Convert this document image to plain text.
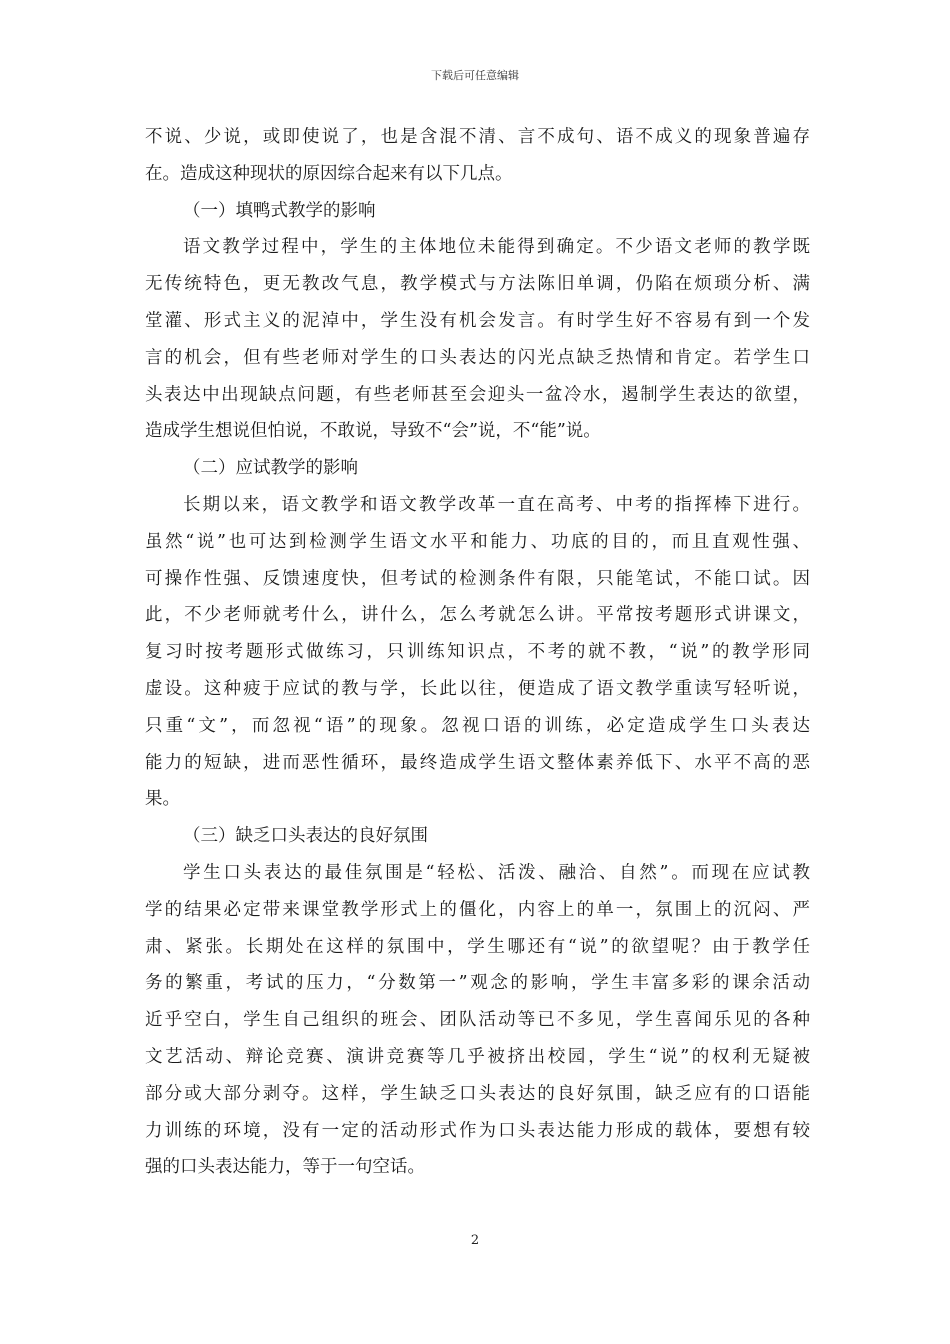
下载后可任意编辑
不说、少说，或即使说了，也是含混不清、言不成句、语不成义的现象普遍存
在。造成这种现状的原因综合起来有以下几点。
（一）填鸭式教学的影响
语文教学过程中，学生的主体地位未能得到确定。不少语文老师的教学既
无传统特色，更无教改气息，教学模式与方法陈旧单调，仍陷在烦琐分析、满
堂灌、形式主义的泥淖中，学生没有机会发言。有时学生好不容易有到一个发
言的机会，但有些老师对学生的口头表达的闪光点缺乏热情和肯定。若学生口
头表达中出现缺点问题，有些老师甚至会迎头一盆冷水，遏制学生表达的欲望，
造成学生想说但怕说，不敢说，导致不“会”说，不“能”说。
（二）应试教学的影响
长期以来，语文教学和语文教学改革一直在高考、中考的指挥棒下进行。
虽然“说”也可达到检测学生语文水平和能力、功底的目的，而且直观性强、
可操作性强、反馈速度快，但考试的检测条件有限，只能笔试，不能口试。因
此，不少老师就考什么，讲什么，怎么考就怎么讲。平常按考题形式讲课文，
复习时按考题形式做练习，只训练知识点，不考的就不教，“说”的教学形同
虚设。这种疲于应试的教与学，长此以往，便造成了语文教学重读写轻听说，
只重“文”，而忽视“语”的现象。忽视口语的训练，必定造成学生口头表达
能力的短缺，进而恶性循环，最终造成学生语文整体素养低下、水平不高的恶
果。
（三）缺乏口头表达的良好氛围
学生口头表达的最佳氛围是“轻松、活泼、融洽、自然”。而现在应试教
学的结果必定带来课堂教学形式上的僵化，内容上的单一，氛围上的沉闷、严
肃、紧张。长期处在这样的氛围中，学生哪还有“说”的欲望呢？由于教学任
务的繁重，考试的压力，“分数第一”观念的影响，学生丰富多彩的课余活动
近乎空白，学生自己组织的班会、团队活动等已不多见，学生喜闻乐见的各种
文艺活动、辩论竞赛、演讲竞赛等几乎被挤出校园，学生“说”的权利无疑被
部分或大部分剥夺。这样，学生缺乏口头表达的良好氛围，缺乏应有的口语能
力训练的环境，没有一定的活动形式作为口头表达能力形成的载体，要想有较
强的口头表达能力，等于一句空话。
2
